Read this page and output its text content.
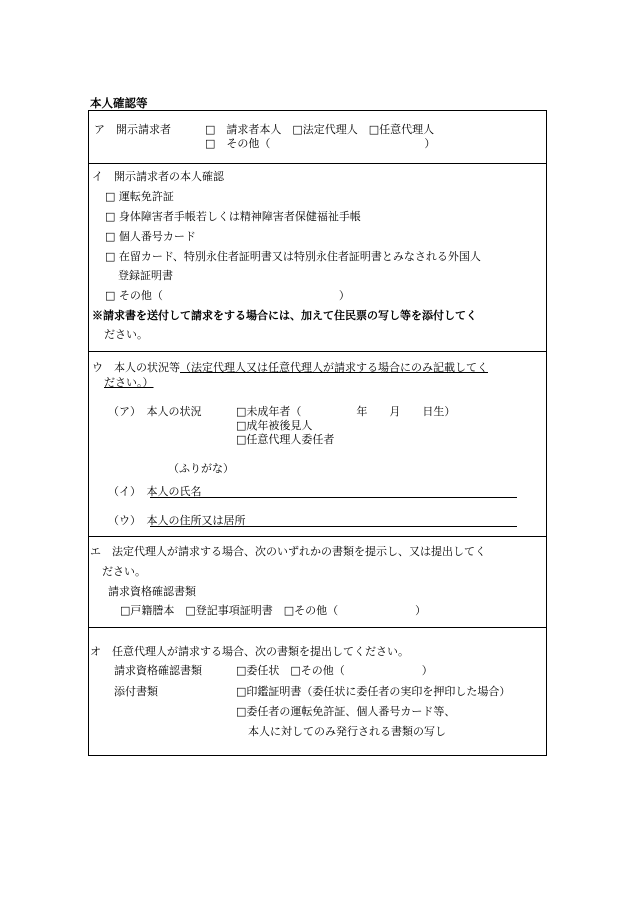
本人確認等
ア　開示請求者	□　請求者本人　□法定代理人　□任意代理人
□　その他（　　　　　　　　　　　　　　）
イ　開示請求者の本人確認
□ 運転免許証
□ 身体障害者手帳若しくは精神障害者保健福祉手帳
□ 個人番号カード
□ 在留カード、特別永住者証明書又は特別永住者証明書とみなされる外国人
登録証明書
□ その他（　　　　　　　　　　　　　　　　）
※請求書を送付して請求をする場合には、加えて住民票の写し等を添付してく
ださい。
ウ　本人の状況等（法定代理人又は任意代理人が請求する場合にのみ記載してく
ださい。）
（ア）　本人の状況	□未成年者（　　　　　年　　月　　日生）
□成年被後見人
□任意代理人委任者
（ふりがな）
（イ）　本人の氏名
（ウ）　本人の住所又は居所
エ　法定代理人が請求する場合、次のいずれかの書類を提示し、又は提出してく
ださい。
請求資格確認書類
□戸籍謄本　□登記事項証明書　□その他（　　　　　　　）
オ　任意代理人が請求する場合、次の書類を提出してください。
請求資格確認書類	□委任状　□その他（　　　　　　　）
添付書類	□印鑑証明書（委任状に委任者の実印を押印した場合）
□委任者の運転免許証、個人番号カード等、
本人に対してのみ発行される書類の写し
